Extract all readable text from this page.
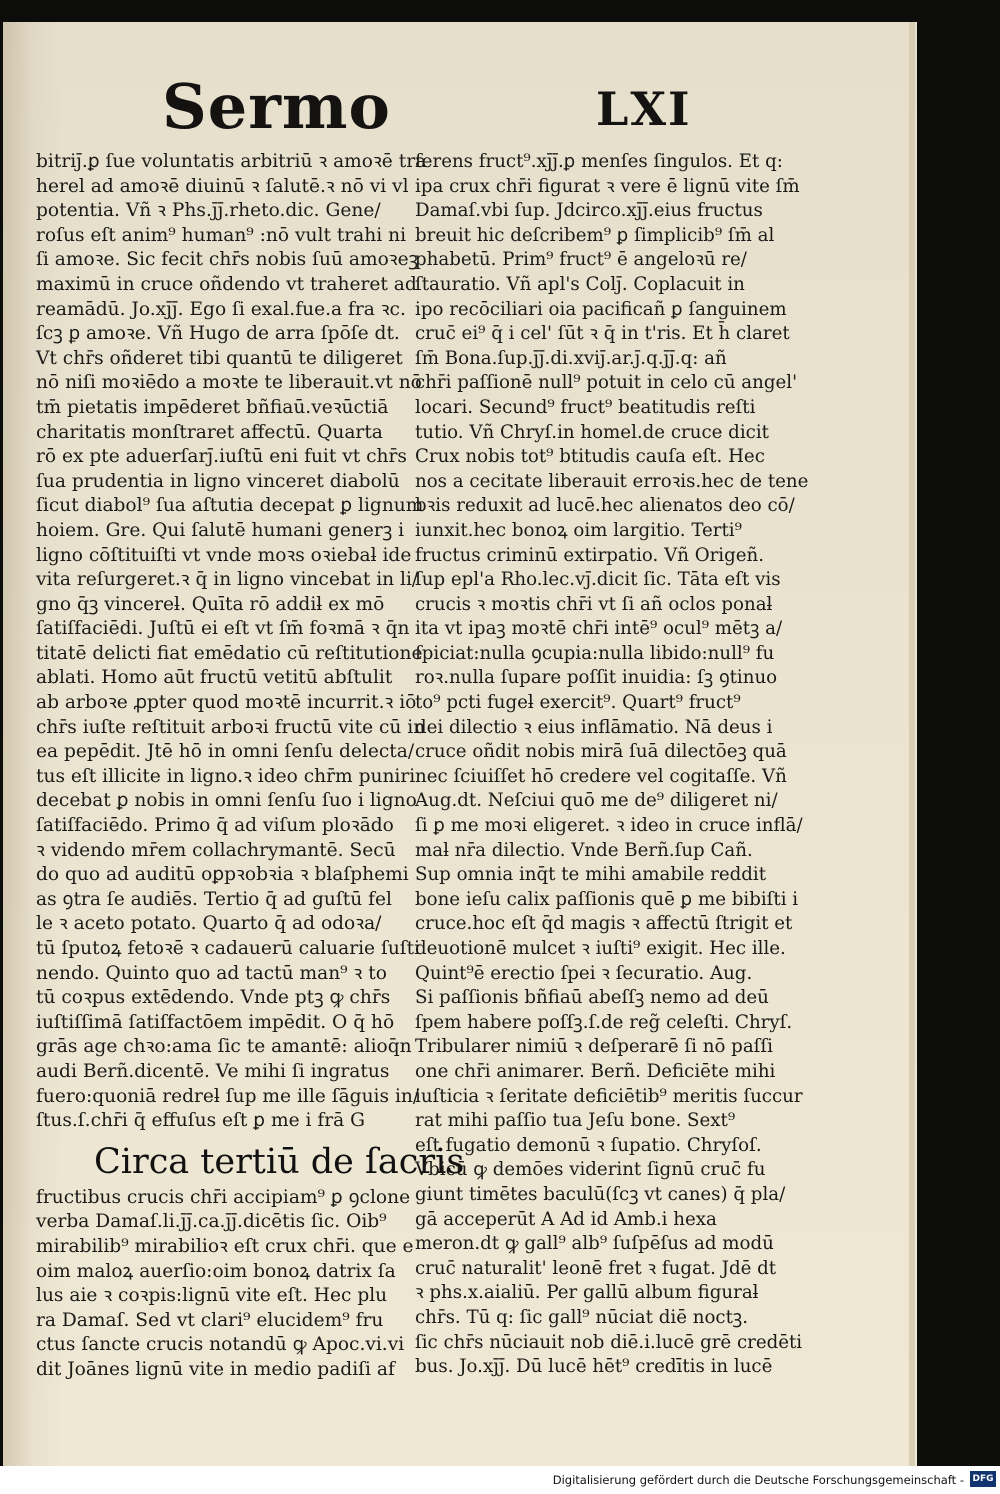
Sermo	LXI
bitriȷ̄.ꝑ ſue voluntatis arbitriū ꝛ amoꝛē tra
herel ad amoꝛē diuinū ꝛ ſalutē.ꝛ nō vi vl
potentia. Vñ ꝛ Phs.ȷ̄ȷ̄.rheto.dic. Gene/
roſus eſt anim⁹ human⁹ :nō vult trahi ni
ſi amoꝛe. Sic fecit chr̄s nobis ſuū amoꝛeꝫ
maximū in cruce oñdendo vt traheret ad
reamādū. Jo.xȷ̄ȷ̄. Ego ſi exal.fue.a fra ꝛc.
ſcꝫ ꝑ amoꝛe. Vñ Hugo de arra ſpōſe dt.
Vt chr̄s oñderet tibi quantū te diligeret
nō niſi moꝛiēdo a moꝛte te liberauit.vt nō
tm̄ pietatis impēderet bñfiaū.veꝛūctiā
charitatis monſtraret affectū. Quarta
rō ex pte aduerſarȷ̄.iuſtū eni fuit vt chr̄s
ſua prudentia in ligno vinceret diabolū
ſicut diabol⁹ ſua aſtutia decepat ꝑ lignum
hoiem. Gre. Qui ſalutē humani generꝫ i
ligno cōſtituiſti vt vnde moꝛs oꝛiebaƚ ide
vita reſurgeret.ꝛ q̄ in ligno vincebat in li/
gno q̄ꝫ vincereƚ. Quīta rō addiƚ ex mō
ſatiſfaciēdi. Juſtū ei eſt vt ſm̄ foꝛmā ꝛ q̄n
titatē delicti fiat emēdatio cū reſtitutione
ablati. Homo aūt fructū vetitū abſtulit
ab arboꝛe ꝓpter quod moꝛtē incurrit.ꝛ iō
chr̄s iuſte reſtituit arboꝛi fructū vite cū in
ea pepēdit. Jtē hō in omni ſenſu delecta/
tus eſt illicite in ligno.ꝛ ideo chr̄m puniri
decebat ꝑ nobis in omni ſenſu ſuo i ligno
ſatiſfaciēdo. Primo q̄ ad viſum ploꝛādo
ꝛ videndo mr̄em collachrymantē. Secū
do quo ad auditū oꝑpꝛobꝛia ꝛ blaſphemi
as ꝯtra ſe audiēs. Tertio q̄ ad guſtū fel
le ꝛ aceto potato. Quarto q̄ ad odoꝛa/
tū ſputoꝝ fetoꝛē ꝛ cadauerū caluarie ſuſti
nendo. Quinto quo ad tactū man⁹ ꝛ to
tū coꝛpus extēdendo. Vnde ptꝫ ꝙ chr̄s
iuſtiſſimā ſatiſfactōem impēdit. O q̄ hō
grās age chꝛo:ama ſic te amantē: alioq̄n
audi Berñ.dicentē. Ve mihi ſi ingratus
fuero:quoniā redreƚ ſup me ille ſāguis in/
ſtus.ſ.chr̄i q̄ effuſus eſt ꝑ me i frā G
Circa tertiū de ſacris
fructibus crucis chr̄i accipiam⁹ ꝑ ꝯclone
verba Damaſ.li.ȷ̄ȷ̄.ca.ȷ̄ȷ̄.dicētis ſic. Oib⁹
mirabilib⁹ mirabilioꝛ eſt crux chr̄i. que e
oim maloꝝ auerſio:oim bonoꝝ datrix ſa
lus aie ꝛ coꝛpis:lignū vite eſt. Hec plu
ra Damaſ. Sed vt clari⁹ elucidem⁹ fru
ctus ſancte crucis notandū ꝙ Apoc.vi.vi
dit Joānes lignū vite in medio padiſi af
ferens fruct⁹.xȷ̄ȷ̄.ꝑ menſes ſingulos. Et q:
ipa crux chr̄i figurat ꝛ vere ē lignū vite ſm̄
Damaſ.vbi ſup. Jdcirco.xȷ̄ȷ̄.eius fructus
breuit hic deſcribem⁹ ꝑ ſimplicib⁹ ſm̄ al
phabetū. Prim⁹ fruct⁹ ē angeloꝛū re/
ſtauratio. Vñ apl's Colȷ̄. Coplacuit in
ipo recōciliari oia pacificañ ꝑ ſanguinem
cruc̄ ei⁹ q̄ i cel' ſūt ꝛ q̄ in t'ris. Et h̄ claret
ſm̄ Bona.ſup.ȷ̄ȷ̄.di.xviȷ̄.ar.ȷ̄.q.ȷ̄ȷ̄.q: añ
chr̄i paſſionē null⁹ potuit in celo cū angel'
locari. Secund⁹ fruct⁹ beatitudis reſti
tutio. Vñ Chryſ.in homel.de cruce dicit
Crux nobis tot⁹ btitudis cauſa eſt. Hec
nos a cecitate liberauit erroꝛis.hec de tene
bꝛis reduxit ad lucē.hec alienatos deo cō/
iunxit.hec bonoꝝ oim largitio. Terti⁹
fructus criminū extirpatio. Vñ Origeñ.
ſup epl'a Rho.lec.vȷ̄.dicit ſic. Tāta eſt vis
crucis ꝛ moꝛtis chr̄i vt ſi añ oclos ponaƚ
ita vt ipaꝫ moꝛtē chr̄i intē⁹ ocul⁹ mētꝫ a/
ſpiciat:nulla ꝯcupia:nulla libido:null⁹ fu
roꝛ.nulla ſupare poſſit inuidia: ſꝫ ꝯtinuo
to⁹ pcti fugeƚ exercit⁹. Quart⁹ fruct⁹
dei dilectio ꝛ eius inflāmatio. Nā deus i
cruce oñdit nobis mirā ſuā dilectōeꝫ quā
nec ſciuiſſet hō credere vel cogitaſſe. Vñ
Aug.dt. Neſciui quō me de⁹ diligeret ni/
ſi ꝑ me moꝛi eligeret. ꝛ ideo in cruce inflā/
maƚ nr̄a dilectio. Vnde Berñ.ſup Cañ.
Sup omnia inq̄t te mihi amabile reddit
bone ieſu calix paſſionis quē ꝑ me bibiſti i
cruce.hoc eſt q̄d magis ꝛ affectū ſtrigit et
deuotionē mulcet ꝛ iuſti⁹ exigit. Hec ille.
Quint⁹ē erectio ſpei ꝛ ſecuratio. Aug.
Si paſſionis bñfiaū abeſſꝫ nemo ad deū
ſpem habere poſſꝫ.ſ.de reg̃ celeſti. Chryſ.
Tribularer nimiū ꝛ deſperarē ſi nō paſſi
one chr̄i animarer. Berñ. Deficiēte mihi
iuſticia ꝛ ſeritate deficiētib⁹ meritis ſuccur
rat mihi paſſio tua Jeſu bone. Sext⁹
eſt fugatio demonū ꝛ ſupatio. Chryſoſ.
Vbicū ꝙ demōes viderint ſignū cruc̄ fu
giunt timētes baculū(ſcꝫ vt canes) q̄ pla/
gā acceperūt A Ad id Amb.i hexa
meron.dt ꝙ gall⁹ alb⁹ ſuſpēſus ad modū
cruc̄ naturalit' leonē fret ꝛ fugat. Jdē dt
ꝛ phs.x.aialiū. Per gallū album figuraƚ
chr̄s. Tū q: ſic gall⁹ nūciat diē noctꝫ.
ſic chr̄s nūciauit nob diē.i.lucē grē credēti
bus. Jo.xȷ̄ȷ̄. Dū lucē hēt⁹ credītis in lucē
Digitalisierung gefördert durch die Deutsche Forschungsgemeinschaft - DFG
